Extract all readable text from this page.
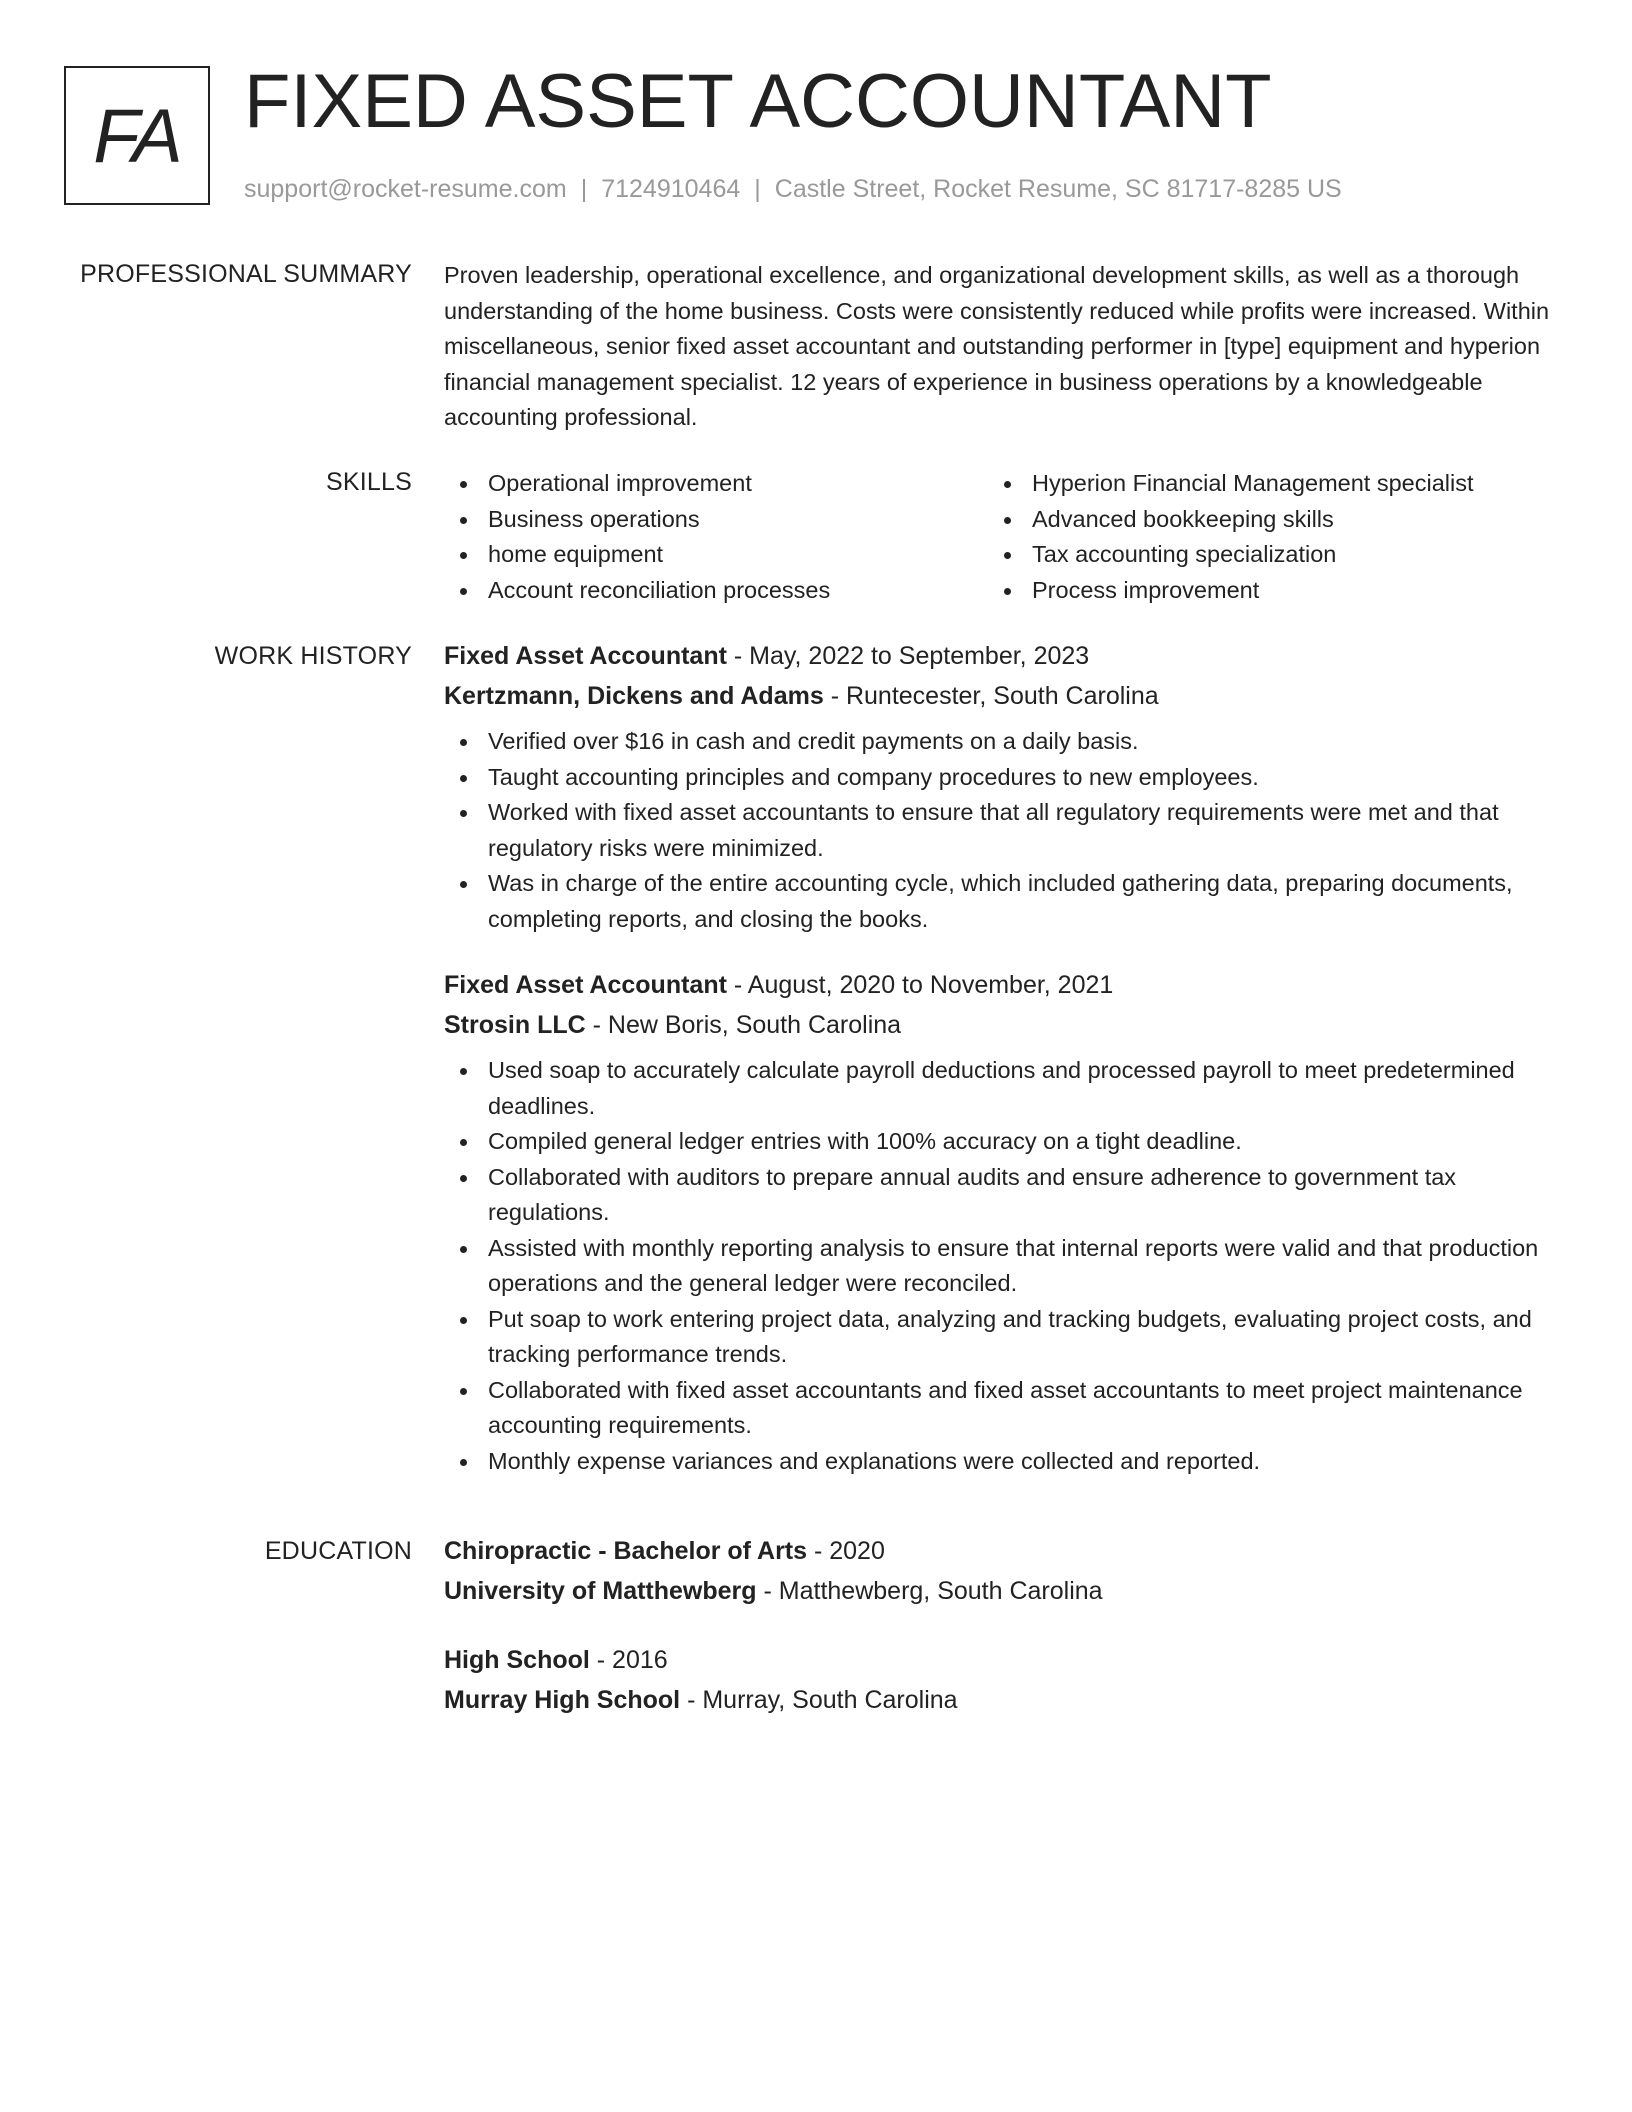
FA FIXED ASSET ACCOUNTANT
support@rocket-resume.com | 7124910464 | Castle Street, Rocket Resume, SC 81717-8285 US
PROFESSIONAL SUMMARY Proven leadership, operational excellence, and organizational development skills, as well as a thorough understanding of the home business. Costs were consistently reduced while profits were increased. Within miscellaneous, senior fixed asset accountant and outstanding performer in [type] equipment and hyperion financial management specialist. 12 years of experience in business operations by a knowledgeable accounting professional.

SKILLS	Operational improvement
Business operations
home equipment
Account reconciliation processes
Hyperion Financial Management specialist
Advanced bookkeeping skills
Tax accounting specialization
Process improvement
WORK HISTORY Fixed Asset Accountant - May, 2022 to September, 2023
Kertzmann, Dickens and Adams - Runtecester, South Carolina
Verified over $16 in cash and credit payments on a daily basis.
Taught accounting principles and company procedures to new employees.
Worked with fixed asset accountants to ensure that all regulatory requirements were met and that regulatory risks were minimized.
Was in charge of the entire accounting cycle, which included gathering data, preparing documents, completing reports, and closing the books.
Fixed Asset Accountant - August, 2020 to November, 2021
Strosin LLC - New Boris, South Carolina
Used soap to accurately calculate payroll deductions and processed payroll to meet predetermined deadlines.
Compiled general ledger entries with 100% accuracy on a tight deadline.
Collaborated with auditors to prepare annual audits and ensure adherence to government tax regulations.
Assisted with monthly reporting analysis to ensure that internal reports were valid and that production operations and the general ledger were reconciled.
Put soap to work entering project data, analyzing and tracking budgets, evaluating project costs, and tracking performance trends.
Collaborated with fixed asset accountants and fixed asset accountants to meet project maintenance accounting requirements.
Monthly expense variances and explanations were collected and reported.
EDUCATION Chiropractic - Bachelor of Arts - 2020
University of Matthewberg - Matthewberg, South Carolina
High School - 2016
Murray High School - Murray, South Carolina
